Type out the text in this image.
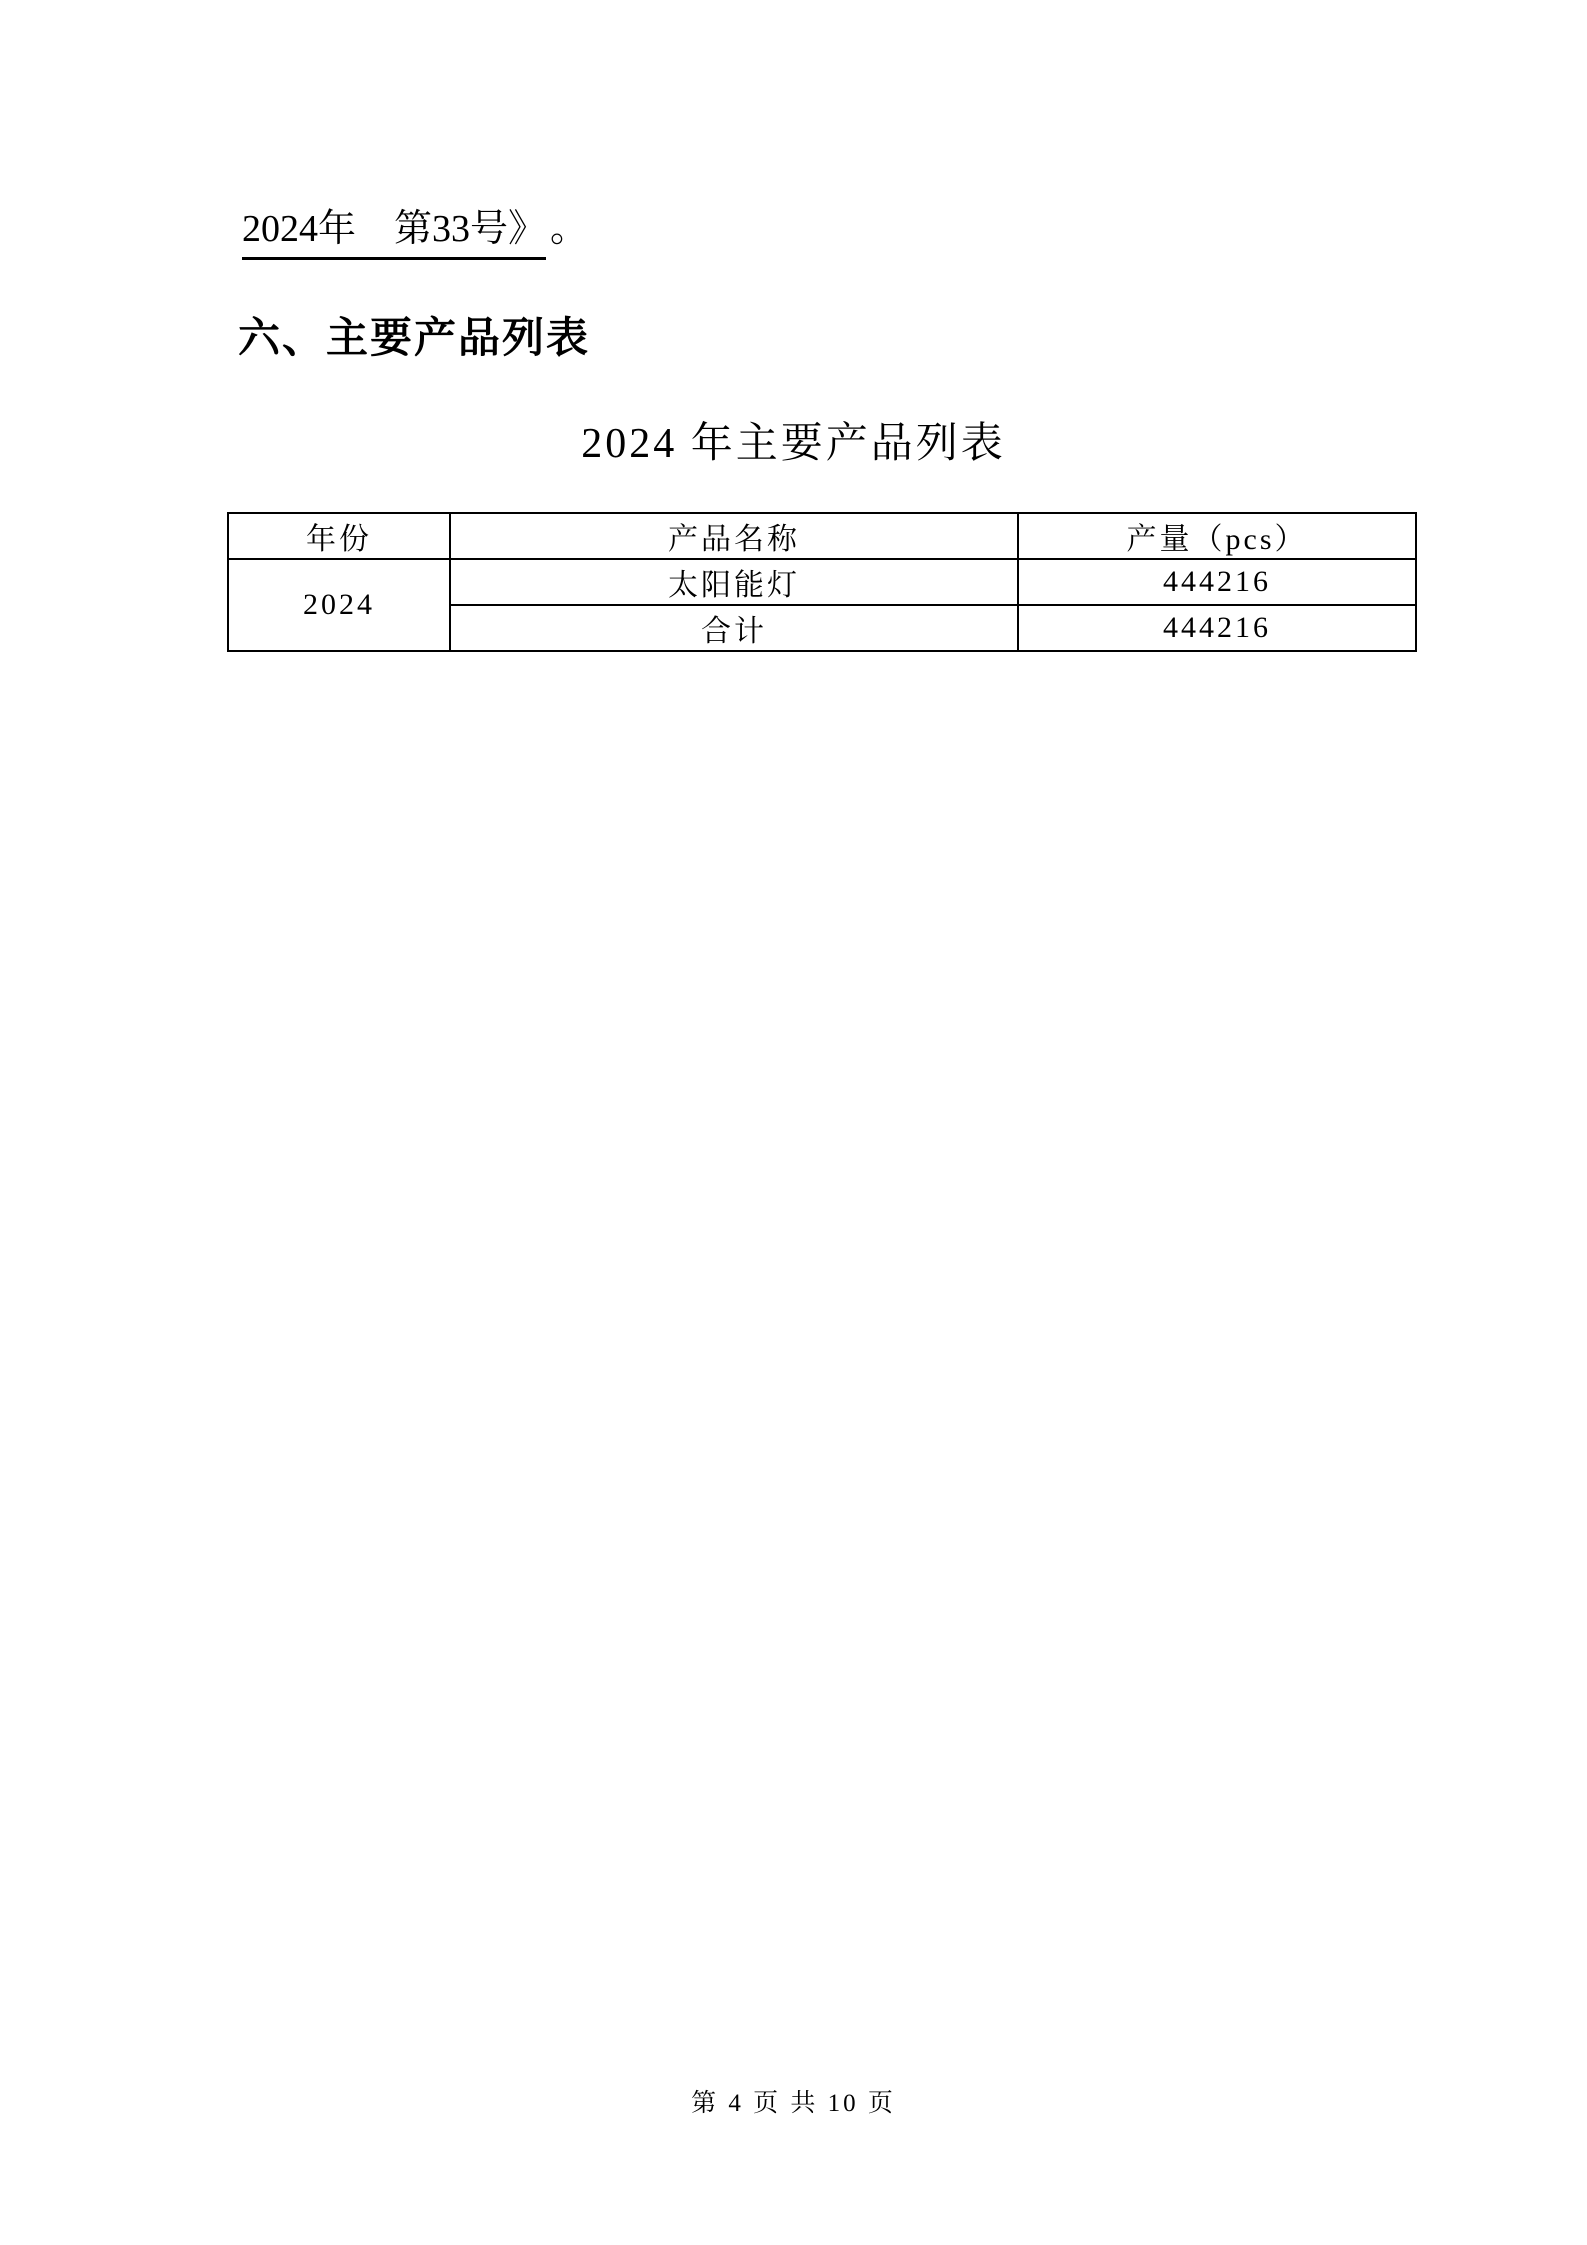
2024年　第33号》 。

六、主要产品列表
2024 年主要产品列表
年份	产品名称	产量（pcs）
2024	太阳能灯	444216
	合计	444216
第 4 页 共 10 页
